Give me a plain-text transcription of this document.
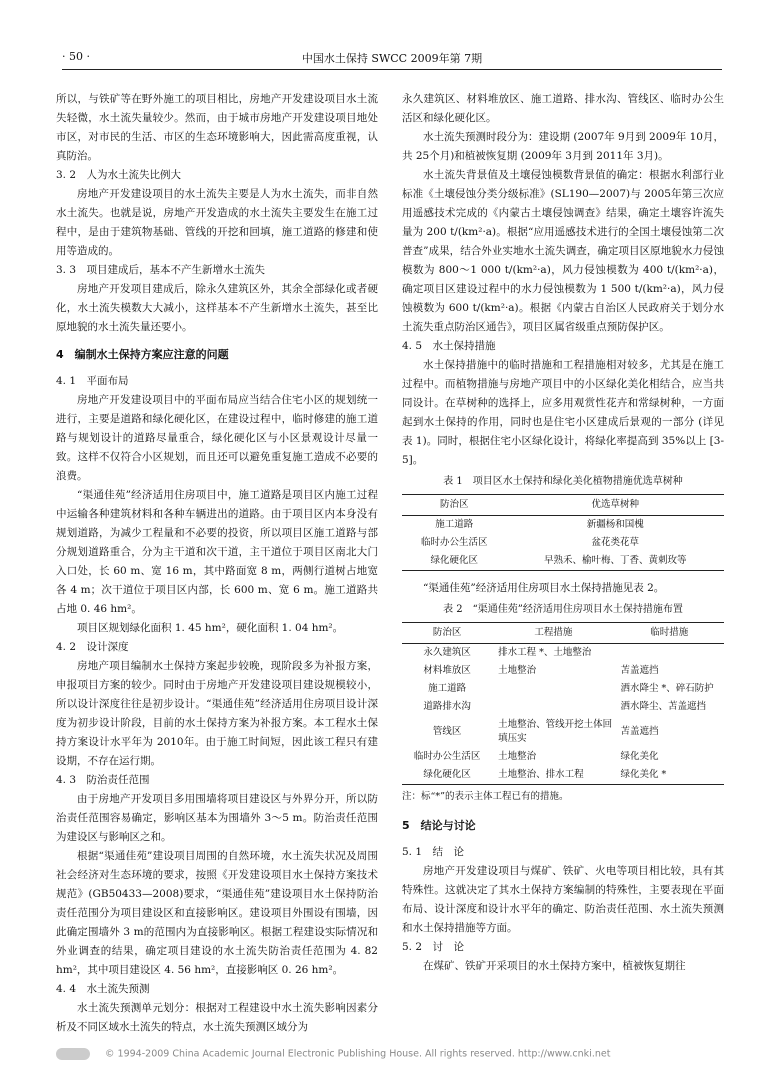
· 50 ·	中国水土保持 SWCC 2009年第 7期

所以，与铁矿等在野外施工的项目相比，房地产开发建设项目水土流失轻微，水土流失量较少。然而，由于城市房地产开发建设项目地处市区，对市民的生活、市区的生态环境影响大，因此需高度重视，认真防治。

3. 2　人为水土流失比例大

房地产开发建设项目的水土流失主要是人为水土流失，而非自然水土流失。也就是说，房地产开发造成的水土流失主要发生在施工过程中，是由于建筑物基础、管线的开挖和回填，施工道路的修建和使用等造成的。

3. 3　项目建成后，基本不产生新增水土流失

房地产开发项目建成后，除永久建筑区外，其余全部绿化或者硬化，水土流失模数大大减小，这样基本不产生新增水土流失，甚至比原地貌的水土流失量还要小。

4　编制水土保持方案应注意的问题
4. 1　平面布局

房地产开发建设项目中的平面布局应当结合住宅小区的规划统一进行，主要是道路和绿化硬化区，在建设过程中，临时修建的施工道路与规划设计的道路尽量重合，绿化硬化区与小区景观设计尽量一致。这样不仅符合小区规划，而且还可以避免重复施工造成不必要的浪费。

“渠通佳苑”经济适用住房项目中，施工道路是项目区内施工过程中运输各种建筑材料和各种车辆进出的道路。由于项目区内本身没有规划道路，为减少工程量和不必要的投资，所以项目区施工道路与部分规划道路重合，分为主干道和次干道，主干道位于项目区南北大门入口处，长 60 m、宽 16 m，其中路面宽 8 m，两侧行道树占地宽各 4 m；次干道位于项目区内部，长 600 m、宽 6 m。施工道路共占地 0. 46 hm²。

项目区规划绿化面积 1. 45 hm²，硬化面积 1. 04 hm²。

4. 2　设计深度

房地产项目编制水土保持方案起步较晚，现阶段多为补报方案，申报项目方案的较少。同时由于房地产开发建设项目建设规模较小，所以设计深度往往是初步设计。“渠通佳苑”经济适用住房项目设计深度为初步设计阶段，目前的水土保持方案为补报方案。本工程水土保持方案设计水平年为 2010年。由于施工时间短，因此该工程只有建设期，不存在运行期。

4. 3　防治责任范围

由于房地产开发项目多用围墙将项目建设区与外界分开，所以防治责任范围容易确定，影响区基本为围墙外 3～5 m。防治责任范围为建设区与影响区之和。

根据“渠通佳苑”建设项目周围的自然环境，水土流失状况及周围社会经济对生态环境的要求，按照《开发建设项目水土保持方案技术规范》(GB50433—2008)要求，“渠通佳苑”建设项目水土保持防治责任范围分为项目建设区和直接影响区。建设项目外围设有围墙，因此确定围墙外 3 m的范围内为直接影响区。根据工程建设实际情况和外业调查的结果，确定项目建设的水土流失防治责任范围为 4. 82 hm²，其中项目建设区 4. 56 hm²，直接影响区 0. 26 hm²。

4. 4　水土流失预测

水土流失预测单元划分：根据对工程建设中水土流失影响因素分析及不同区域水土流失的特点，水土流失预测区域分为

永久建筑区、材料堆放区、施工道路、排水沟、管线区、临时办公生活区和绿化硬化区。

水土流失预测时段分为：建设期 (2007年 9月到 2009年 10月，共 25个月)和植被恢复期 (2009年 3月到 2011年 3月)。

水土流失背景值及土壤侵蚀模数背景值的确定：根据水利部行业标准《土壤侵蚀分类分级标准》(SL190—2007)与 2005年第三次应用遥感技术完成的《内蒙古土壤侵蚀调查》结果，确定土壤容许流失量为 200 t/(km²·a)。根据“应用遥感技术进行的全国土壤侵蚀第二次普查”成果，结合外业实地水土流失调查，确定项目区原地貌水力侵蚀模数为 800～1 000 t/(km²·a)，风力侵蚀模数为 400 t/(km²·a)，确定项目区建设过程中的水力侵蚀模数为 1 500 t/(km²·a)，风力侵蚀模数为 600 t/(km²·a)。根据《内蒙古自治区人民政府关于划分水土流失重点防治区通告》，项目区属省级重点预防保护区。

4. 5　水土保持措施

水土保持措施中的临时措施和工程措施相对较多，尤其是在施工过程中。而植物措施与房地产项目中的小区绿化美化相结合，应当共同设计。在草树种的选择上，应多用观赏性花卉和常绿树种，一方面起到水土保持的作用，同时也是住宅小区建成后景观的一部分 (详见表 1)。同时，根据住宅小区绿化设计，将绿化率提高到 35%以上 [3-5]。

表 1　项目区水土保持和绿化美化植物措施优选草树种
防治区	优选草树种
施工道路	新疆杨和国槐
临时办公生活区	盆花类花草
绿化硬化区	早熟禾、榆叶梅、丁香、黄刺玫等

“渠通佳苑”经济适用住房项目水土保持措施见表 2。

表 2　“渠通佳苑”经济适用住房项目水土保持措施布置
防治区	工程措施	临时措施
永久建筑区	排水工程 *、土地整治	
材料堆放区	土地整治	苫盖遮挡
施工道路		洒水降尘 *、碎石防护
道路排水沟		洒水降尘、苫盖遮挡
管线区	土地整治、管线开挖土体回填压实	苫盖遮挡
临时办公生活区	土地整治	绿化美化
绿化硬化区	土地整治、排水工程	绿化美化 *
注：标“*”的表示主体工程已有的措施。
5　结论与讨论
5. 1　结　论

房地产开发建设项目与煤矿、铁矿、火电等项目相比较，具有其特殊性。这就决定了其水土保持方案编制的特殊性，主要表现在平面布局、设计深度和设计水平年的确定、防治责任范围、水土流失预测和水土保持措施等方面。

5. 2　讨　论

在煤矿、铁矿开采项目的水土保持方案中，植被恢复期往

© 1994-2009 China Academic Journal Electronic Publishing House. All rights reserved. http://www.cnki.net
